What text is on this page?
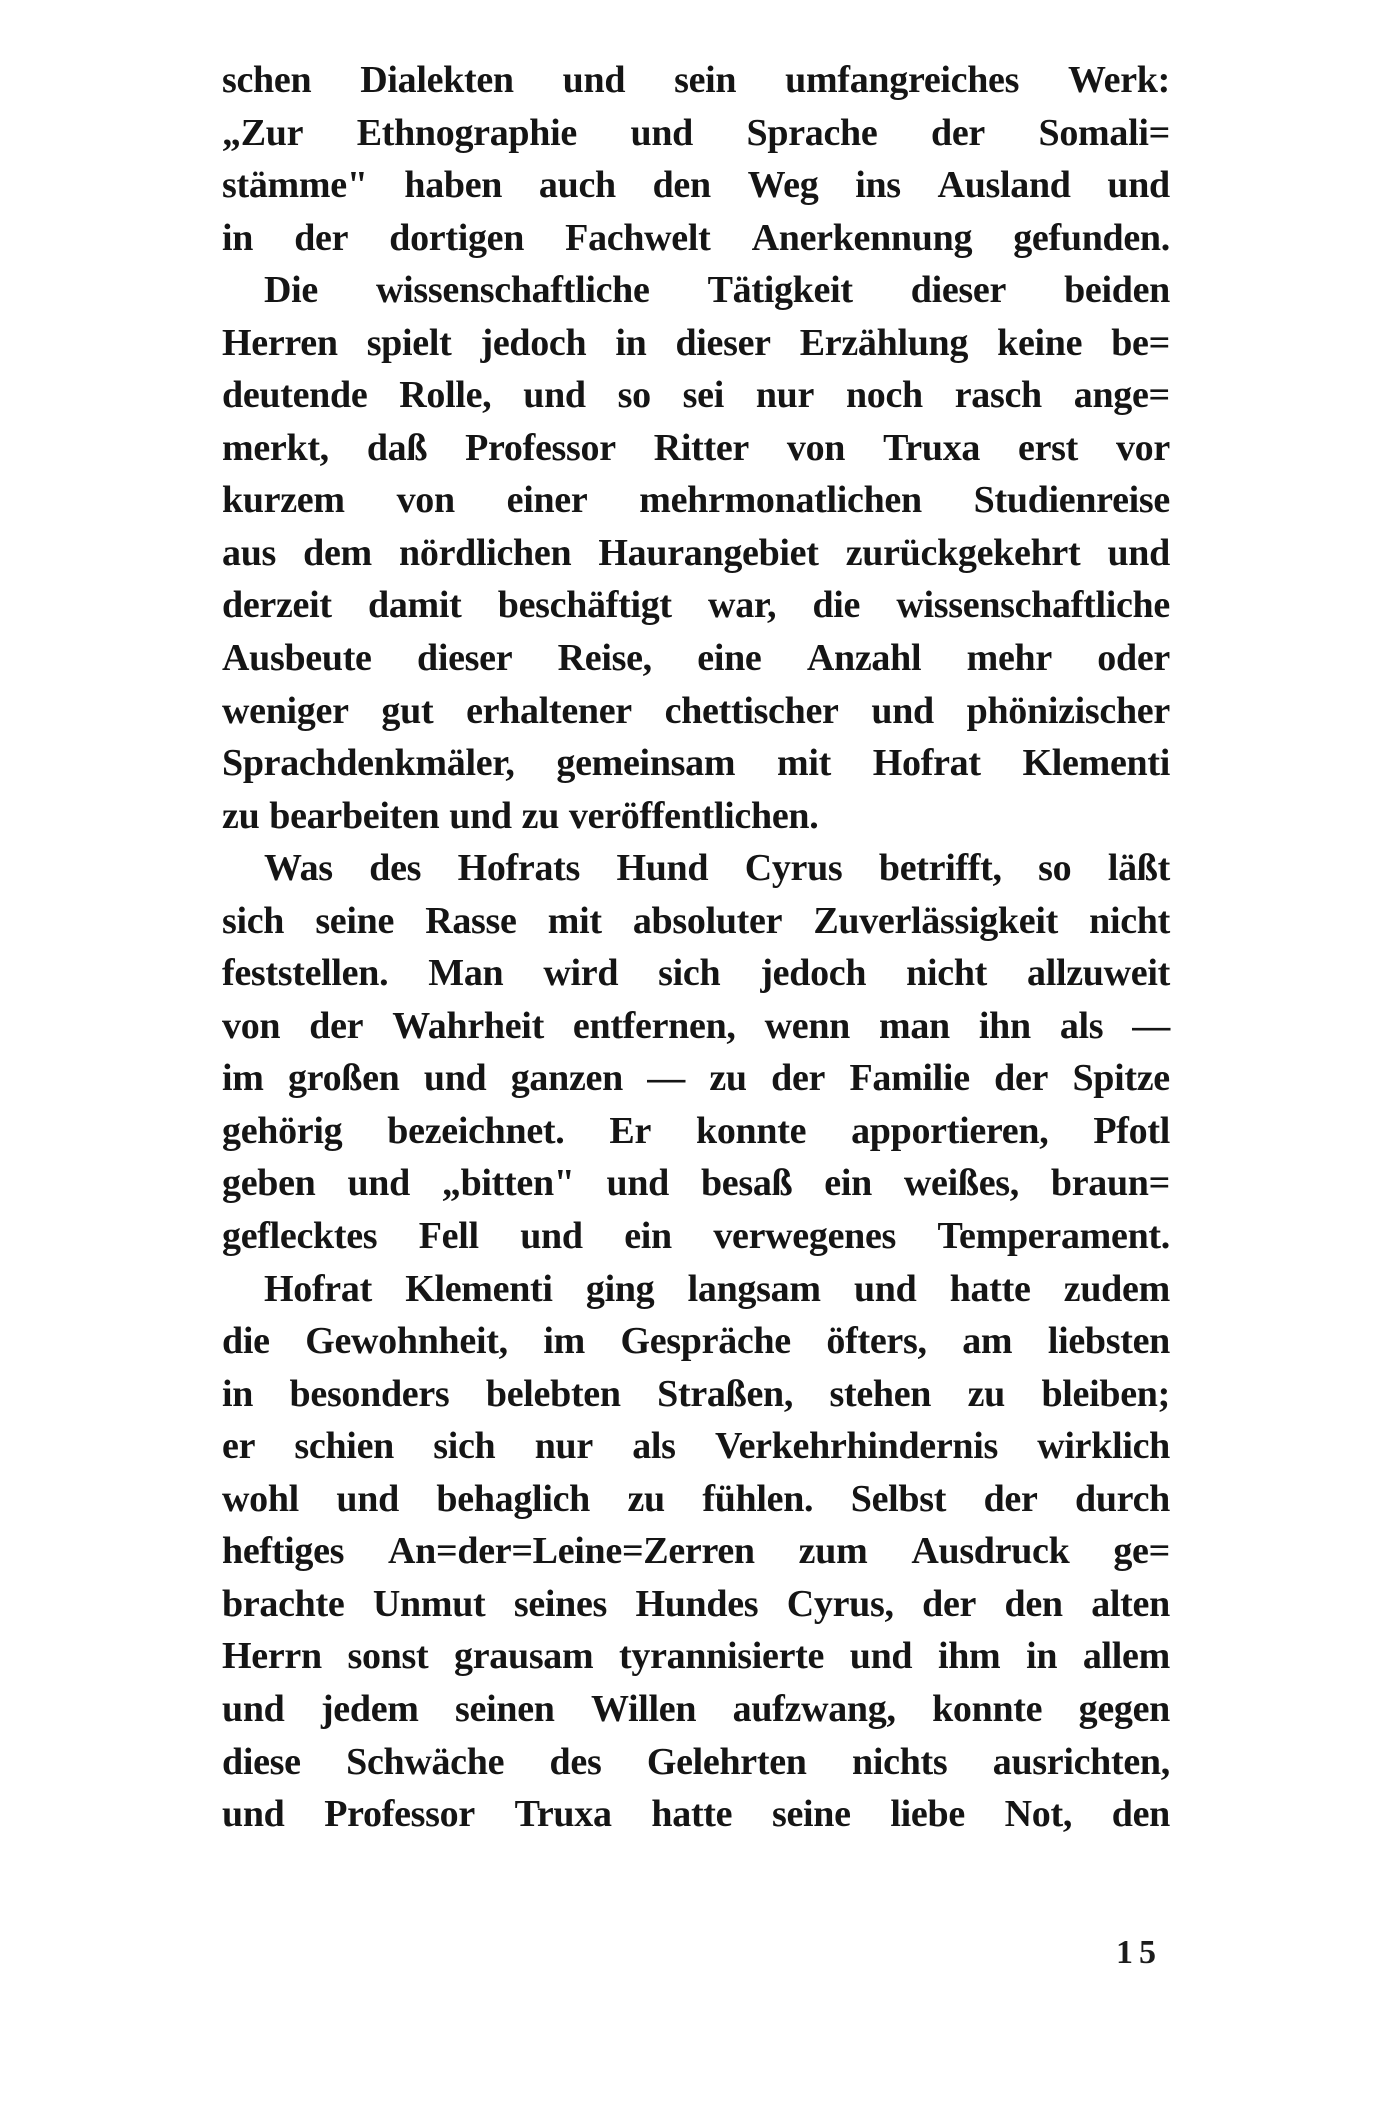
schen Dialekten und sein umfangreiches Werk:
„Zur Ethnographie und Sprache der Somali=
stämme" haben auch den Weg ins Ausland und
in der dortigen Fachwelt Anerkennung gefunden.
Die wissenschaftliche Tätigkeit dieser beiden
Herren spielt jedoch in dieser Erzählung keine be=
deutende Rolle, und so sei nur noch rasch ange=
merkt, daß Professor Ritter von Truxa erst vor
kurzem von einer mehrmonatlichen Studienreise
aus dem nördlichen Haurangebiet zurückgekehrt und
derzeit damit beschäftigt war, die wissenschaftliche
Ausbeute dieser Reise, eine Anzahl mehr oder
weniger gut erhaltener chettischer und phönizischer
Sprachdenkmäler, gemeinsam mit Hofrat Klementi
zu bearbeiten und zu veröffentlichen.
Was des Hofrats Hund Cyrus betrifft, so läßt
sich seine Rasse mit absoluter Zuverlässigkeit nicht
feststellen. Man wird sich jedoch nicht allzuweit
von der Wahrheit entfernen, wenn man ihn als —
im großen und ganzen — zu der Familie der Spitze
gehörig bezeichnet. Er konnte apportieren, Pfotl
geben und „bitten" und besaß ein weißes, braun=
geflecktes Fell und ein verwegenes Temperament.
Hofrat Klementi ging langsam und hatte zudem
die Gewohnheit, im Gespräche öfters, am liebsten
in besonders belebten Straßen, stehen zu bleiben;
er schien sich nur als Verkehrhindernis wirklich
wohl und behaglich zu fühlen. Selbst der durch
heftiges An=der=Leine=Zerren zum Ausdruck ge=
brachte Unmut seines Hundes Cyrus, der den alten
Herrn sonst grausam tyrannisierte und ihm in allem
und jedem seinen Willen aufzwang, konnte gegen
diese Schwäche des Gelehrten nichts ausrichten,
und Professor Truxa hatte seine liebe Not, den
15
